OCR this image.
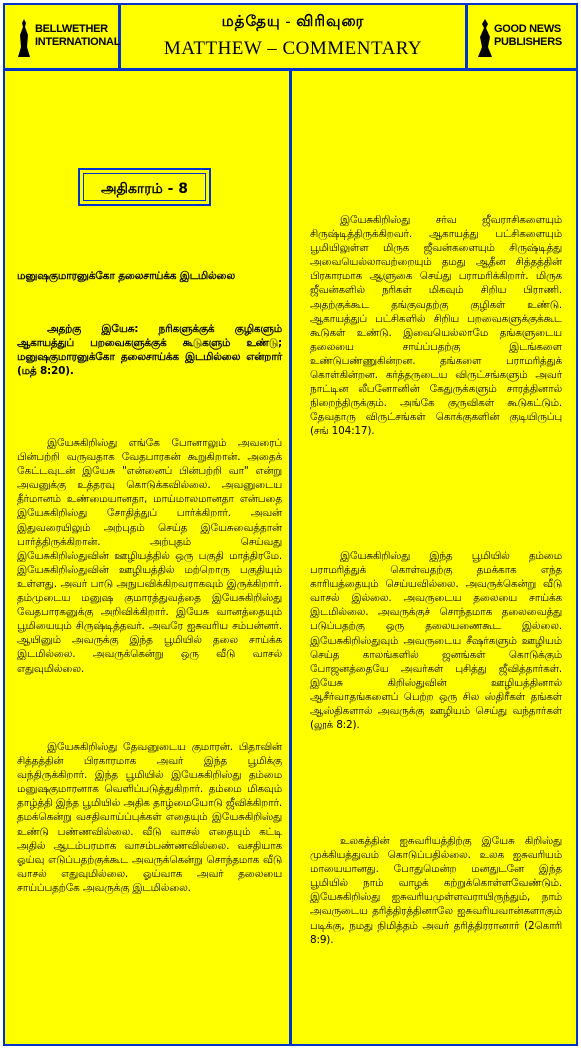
BELLWETHER
INTERNATIONAL
மத்தேயு - விரிவுரை
MATTHEW – COMMENTARY
GOOD NEWS
PUBLISHERS
அதிகாரம் - 8

மனுஷகுமாரனுக்கோ தலைசாய்க்க இடமில்லை

அதற்கு இயேசு: நரிகளுக்குக் குழிகளும் ஆகாயத்துப் பறவைகளுக்குக் கூடுகளும் உண்டு; மனுஷகுமாரனுக்கோ தலைசாய்க்க இடமில்லை என்றார் (மத் 8:20).

இயேசுகிறிஸ்து எங்கே போனாலும் அவரைப் பின்பற்றி வருவதாக வேதபாரகன் கூறுகிறான். அதைக் கேட்டவுடன் இயேசு "என்னைப் பின்பற்றி வா" என்று அவனுக்கு உத்தரவு கொடுக்கவில்லை. அவனுடைய தீர்மானம் உண்மையானதா, மாய்மாலமானதா என்பதை இயேசுகிறிஸ்து சோதித்துப் பார்க்கிறார். அவன் இதுவரையிலும் அற்புதம் செய்த இயேசுவைத்தான் பார்த்திருக்கிறான். அற்புதம் செய்வது இயேசுகிறிஸ்துவின் ஊழியத்தில் ஒரு பகுதி மாத்திரமே. இயேசுகிறிஸ்துவின் ஊழியத்தில் மற்றொரு பகுதியும் உள்ளது. அவர் பாடு அநுபவிக்கிறவராகவும் இருக்கிறார். தம்முடைய மனுஷ குமாரத்துவத்தை இயேசுகிறிஸ்து வேதபாரகனுக்கு அறிவிக்கிறார். இயேசு வானத்தையும் பூமியையும் சிருஷ்டித்தவர். அவரே ஐசுவரிய சம்பன்னர். ஆயினும் அவருக்கு இந்த பூமியில் தலை சாய்க்க இடமில்லை. அவருக்கென்று ஒரு வீடு வாசல் எதுவுமில்லை.

இயேசுகிறிஸ்து தேவனுடைய குமாரன். பிதாவின் சித்தத்தின் பிரகாரமாக அவர் இந்த பூமிக்கு வந்திருக்கிறார். இந்த பூமியில் இயேசுகிறிஸ்து தம்மை மனுஷகுமாரனாக வெளிப்படுத்துகிறார். தம்மை மிகவும் தாழ்த்தி இந்த பூமியில் அதிக தாழ்மையோடு ஜீவிக்கிறார். தமக்கென்று வசதிவாய்ப்புக்கள் எதையும் இயேசுகிறிஸ்து உண்டு பண்ணவில்லை. வீடு வாசல் எதையும் கட்டி அதில் ஆடம்பரமாக வாசம்பண்ணவில்லை. வசதியாக ஓய்வு எடுப்பதற்குக்கூட அவருக்கென்று சொந்தமாக வீடு வாசல் எதுவுமில்லை. ஓய்வாக அவர் தலையை சாய்ப்பதற்கே அவருக்கு இடமில்லை.

இயேசுகிறிஸ்து சர்வ ஜீவராசிகளையும் சிருஷ்டித்திருக்கிறவர். ஆகாயத்து பட்சிகளையும் பூமியிலுள்ள மிருக ஜீவன்களையும் சிருஷ்டித்து அவையெல்லாவற்றையும் தமது ஆதீன சித்தத்தின் பிரகாரமாக ஆளுகை செய்து பராமரிக்கிறார். மிருக ஜீவன்களில் நரிகள் மிகவும் சிறிய பிராணி. அதற்குக்கூட தங்குவதற்கு குழிகள் உண்டு. ஆகாயத்துப் பட்சிகளில் சிறிய பறவைகளுக்குக்கூட கூடுகள் உண்டு. இவையெல்லாமே தங்களுடைய தலையை சாய்ப்பதற்கு இடங்களை உண்டுபண்ணுகின்றன. தங்களை பராமரித்துக் கொள்கின்றன. கர்த்தருடைய விருட்சங்களும் அவர் நாட்டின லீபனோனின் கேதுருக்களும் சாரத்தினால் நிறைந்திருக்கும். அங்கே குருவிகள் கூடுகட்டும். தேவதாரு விருட்சங்கள் கொக்குகளின் குடியிருப்பு (சங் 104:17).

இயேசுகிறிஸ்து இந்த பூமியில் தம்மை பராமரித்துக் கொள்வதற்கு தமக்காக எந்த காரியத்தையும் செய்யவில்லை. அவருக்கென்று வீடு வாசல் இல்லை. அவருடைய தலையை சாய்க்க இடமில்லை. அவருக்குச் சொந்தமாக தலைவைத்து படுப்பதற்கு ஒரு தலையணைகூட இல்லை. இயேசுகிறிஸ்துவும் அவருடைய சீஷர்களும் ஊழியம் செய்த காலங்களில் ஜனங்கள் கொடுக்கும் போஜனத்தையே அவர்கள் புசித்து ஜீவித்தார்கள். இயேசு கிறிஸ்துவின் ஊழியத்தினால் ஆசீர்வாதங்களைப் பெற்ற ஒரு சில ஸ்திரீகள் தங்கள் ஆஸ்திகளால் அவருக்கு ஊழியம் செய்து வந்தார்கள் (லூக் 8:2).

உலகத்தின் ஐசுவரியத்திற்கு இயேசு கிறிஸ்து முக்கியத்துவம் கொடுப்பதில்லை. உலக ஐசுவரியம் மாயையானது. போதுமென்ற மனதுடனே இந்த பூமியில் நாம் வாழக் கற்றுக்கொள்ளவேண்டும். இயேசுகிறிஸ்து ஐசுவரியமுள்ளவராயிருந்தும், நாம் அவருடைய தரித்திரத்தினாலே ஐசுவரியவான்களாகும் படிக்கு, நமது நிமித்தம் அவர் தரித்திரரானார் (2கொரி 8:9).
